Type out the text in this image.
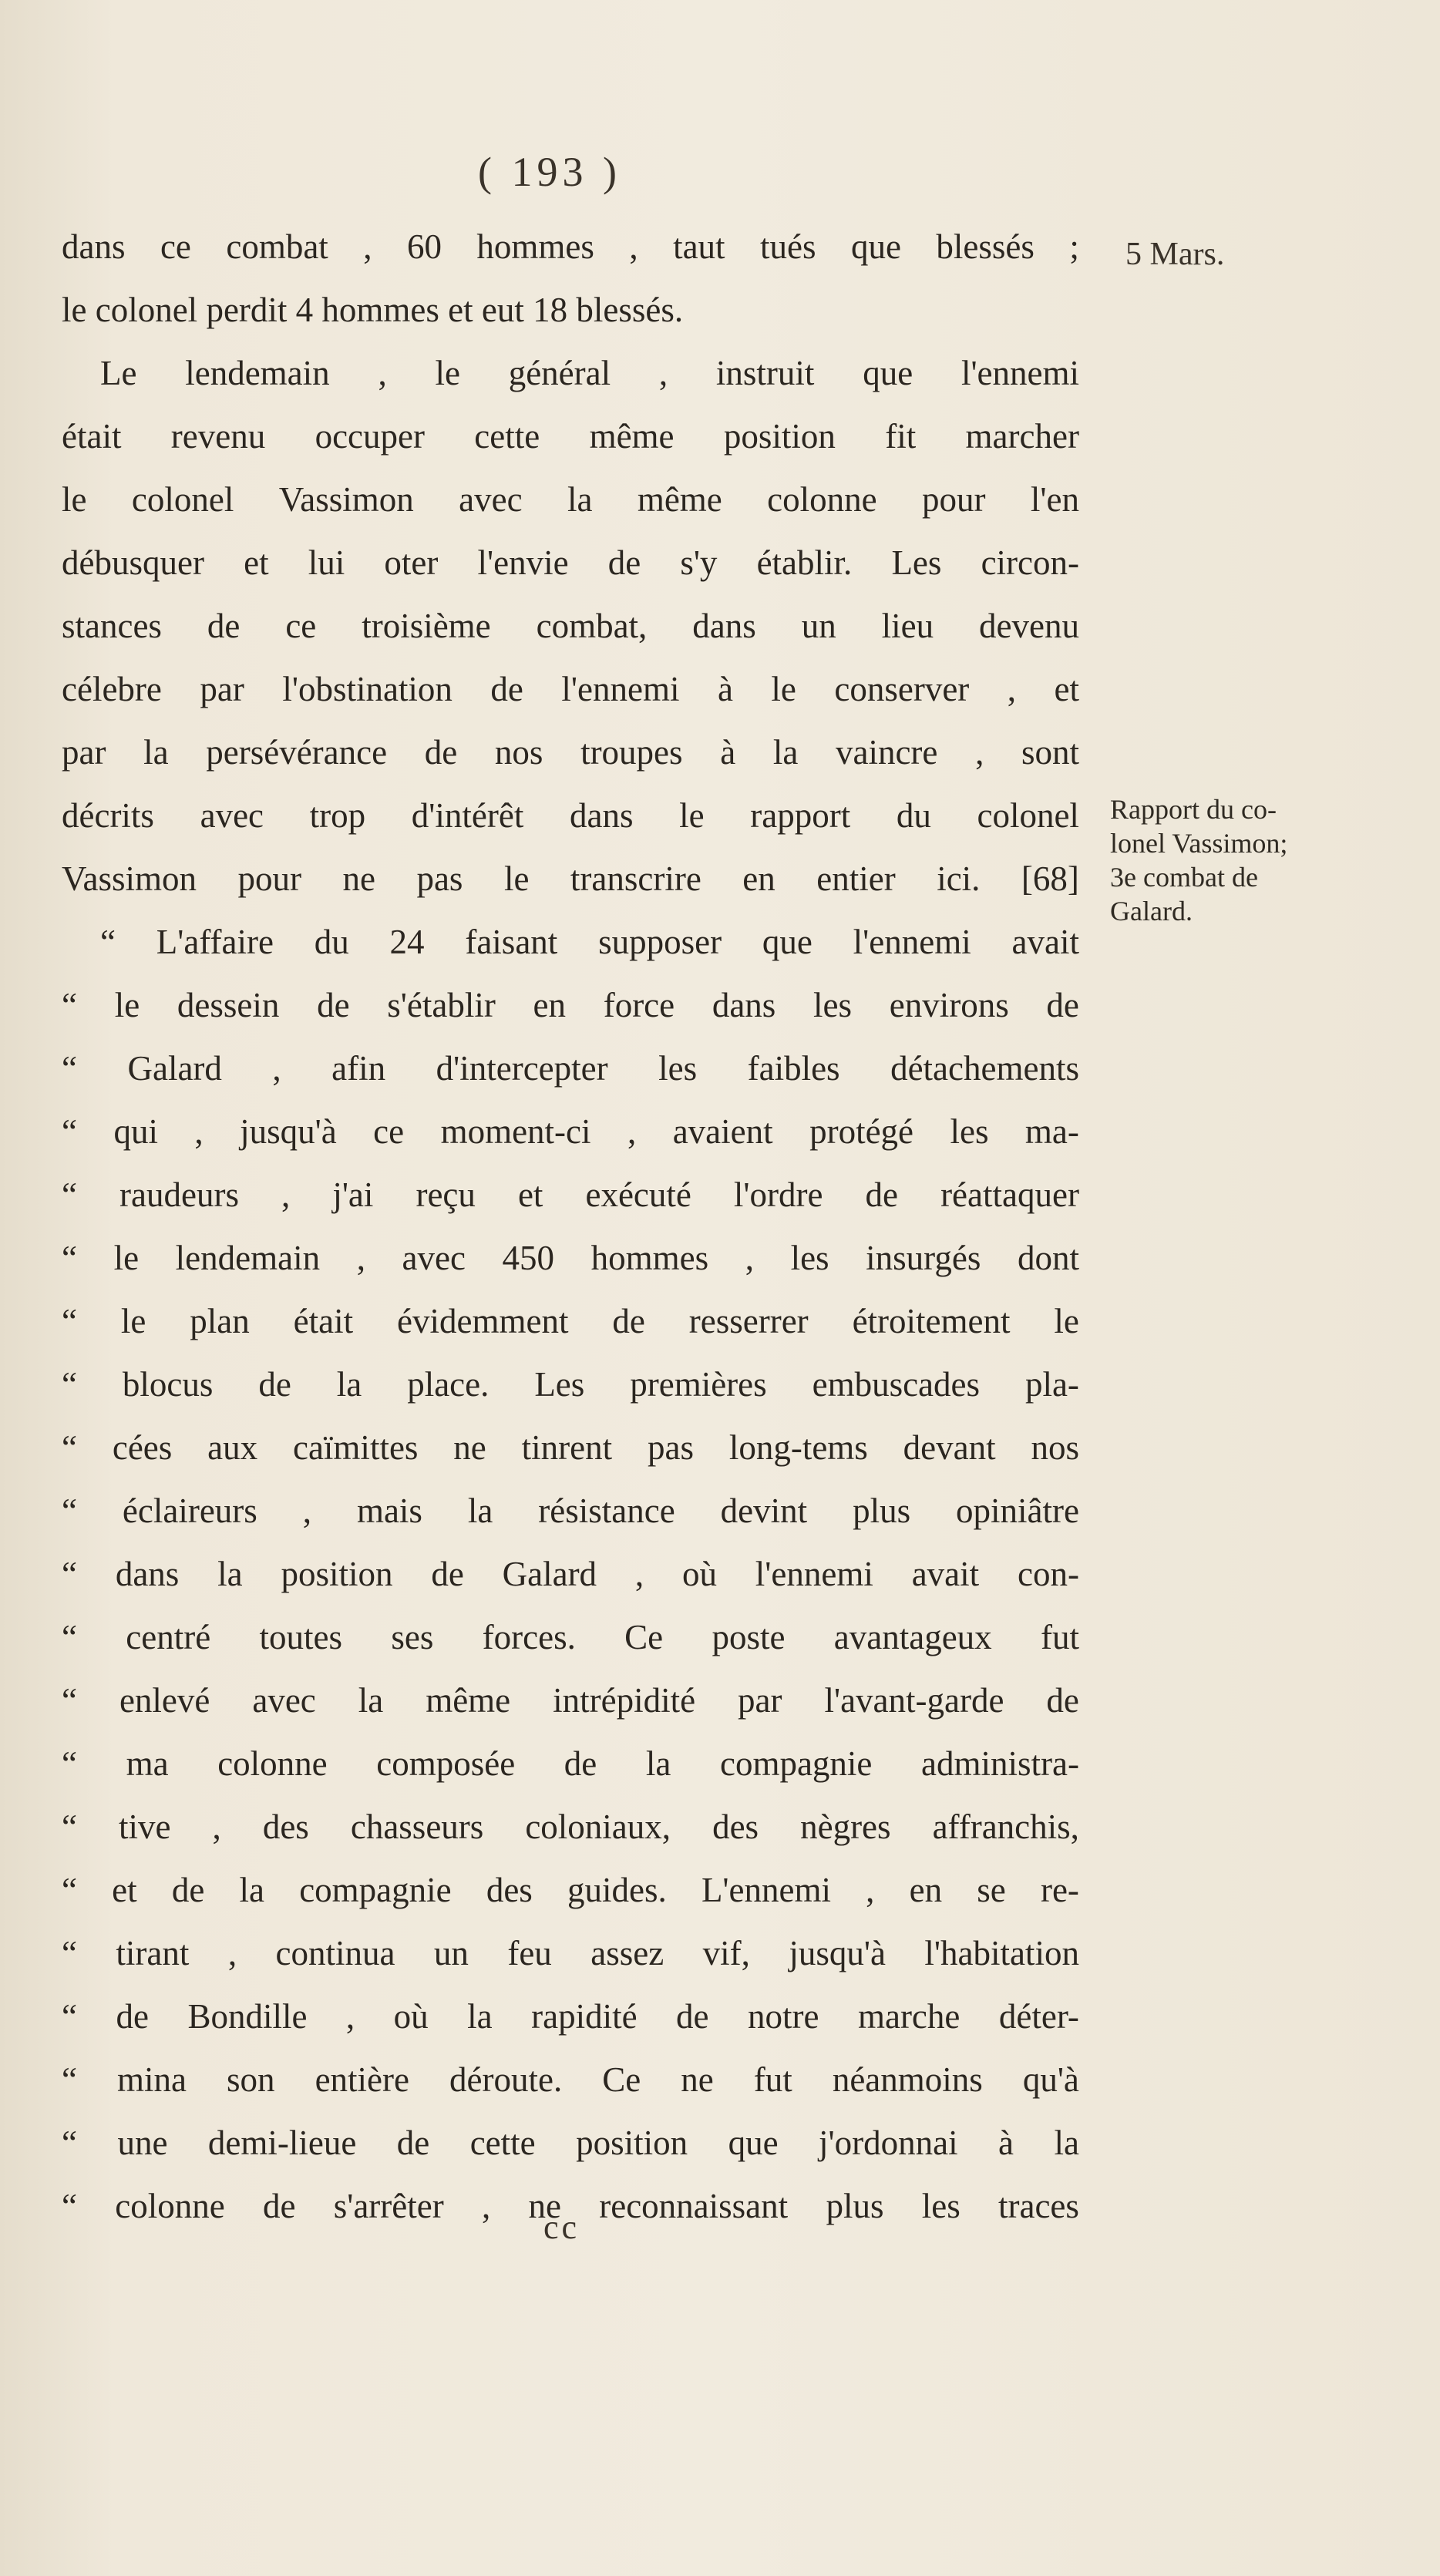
( 193 )
5 Mars.
Rapport du co-
lonel Vassimon;
3e combat de
Galard.
dans ce combat , 60 hommes , taut tués que blessés ;
le colonel perdit 4 hommes et eut 18 blessés.
Le lendemain , le général , instruit que l'ennemi
était revenu occuper cette même position fit marcher
le colonel Vassimon avec la même colonne pour l'en
débusquer et lui oter l'envie de s'y établir. Les circon-
stances de ce troisième combat, dans un lieu devenu
célebre par l'obstination de l'ennemi à le conserver , et
par la persévérance de nos troupes à la vaincre , sont
décrits avec trop d'intérêt dans le rapport du colonel
Vassimon pour ne pas le transcrire en entier ici. [68]
“ L'affaire du 24 faisant supposer que l'ennemi avait
“ le dessein de s'établir en force dans les environs de
“ Galard , afin d'intercepter les faibles détachements
“ qui , jusqu'à ce moment-ci , avaient protégé les ma-
“ raudeurs , j'ai reçu et exécuté l'ordre de réattaquer
“ le lendemain , avec 450 hommes , les insurgés dont
“ le plan était évidemment de resserrer étroitement le
“ blocus de la place. Les premières embuscades pla-
“ cées aux caïmittes ne tinrent pas long-tems devant nos
“ éclaireurs , mais la résistance devint plus opiniâtre
“ dans la position de Galard , où l'ennemi avait con-
“ centré toutes ses forces. Ce poste avantageux fut
“ enlevé avec la même intrépidité par l'avant-garde de
“ ma colonne composée de la compagnie administra-
“ tive , des chasseurs coloniaux, des nègres affranchis,
“ et de la compagnie des guides. L'ennemi , en se re-
“ tirant , continua un feu assez vif, jusqu'à l'habitation
“ de Bondille , où la rapidité de notre marche déter-
“ mina son entière déroute. Ce ne fut néanmoins qu'à
“ une demi-lieue de cette position que j'ordonnai à la
“ colonne de s'arrêter , ne reconnaissant plus les traces
cc
